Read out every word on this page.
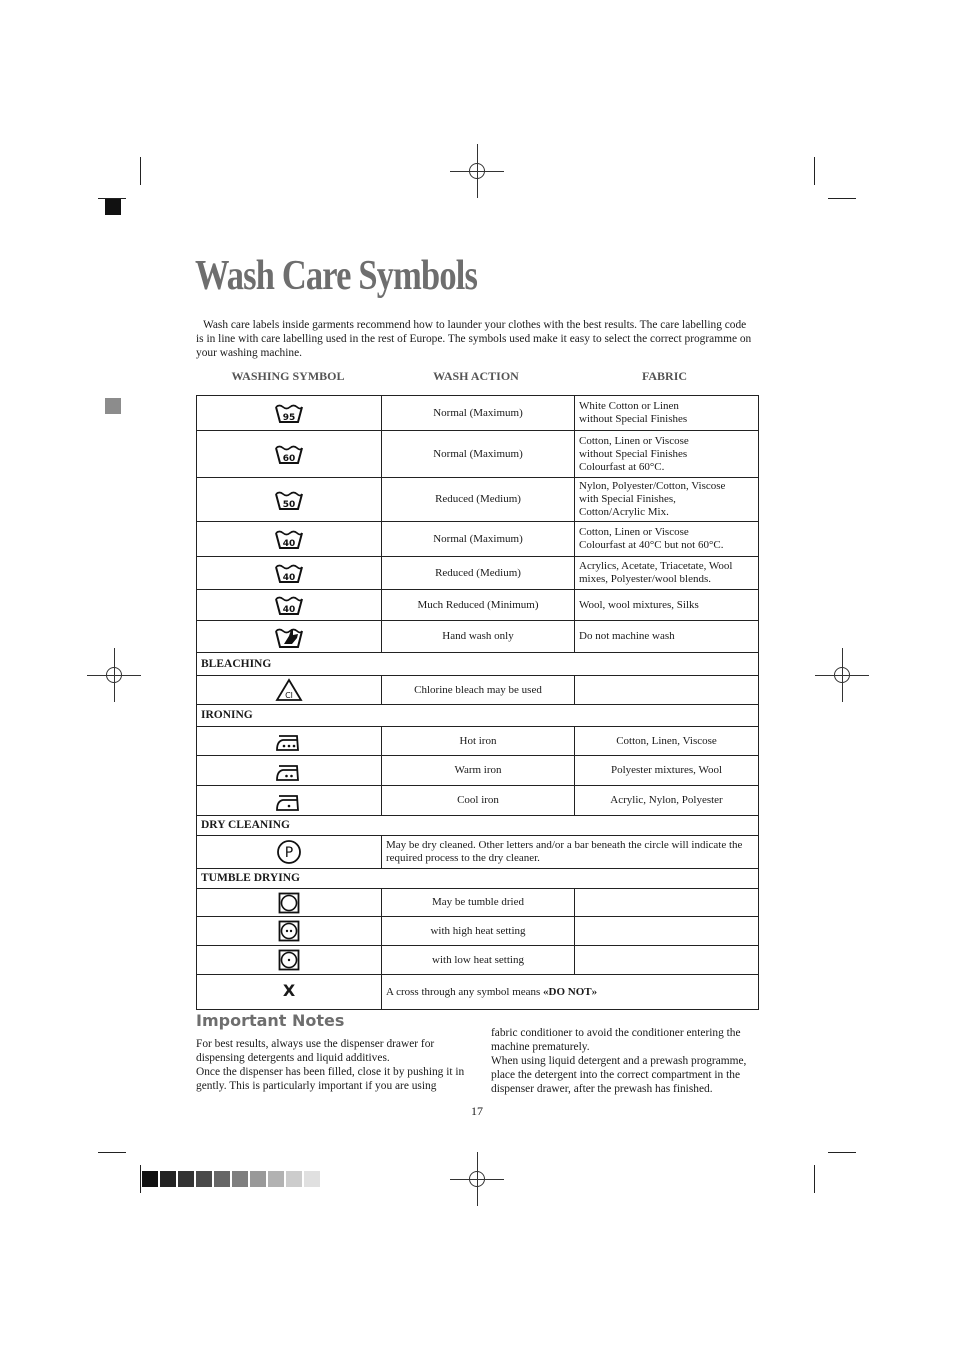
Wash Care Symbols
Wash care labels inside garments recommend how to launder your clothes with the best results. The care labelling code is in line with care labelling used in the rest of Europe. The symbols used make it easy to select the correct programme on your washing machine.
WASHING SYMBOL	WASH ACTION	FABRIC
95	Normal (Maximum)	White Cotton or Linen
without Special Finishes

60	Normal (Maximum)	Cotton, Linen or Viscose
without Special Finishes
Colourfast at 60°C.

50	Reduced (Medium)	Nylon, Polyester/Cotton, Viscose
with Special Finishes,
Cotton/Acrylic Mix.

40	Normal (Maximum)	Cotton, Linen or Viscose
Colourfast at 40°C but not 60°C.

40	Reduced (Medium)	Acrylics, Acetate, Triacetate, Wool
mixes, Polyester/wool blends.

40	Much Reduced (Minimum)	Wool, wool mixtures, Silks
	Hand wash only	Do not machine wash
BLEACHING		

Cl	Chlorine bleach may be used	
IRONING		
	Hot iron	Cotton, Linen, Viscose
	Warm iron	Polyester mixtures, Wool
	Cool iron	Acrylic, Nylon, Polyester
DRY CLEANING		

P	May be dry cleaned. Other letters and/or a bar beneath the circle will indicate the required process to the dry cleaner.	
TUMBLE DRYING		
	May be tumble dried	
	with high heat setting	
	with low heat setting	
X	A cross through any symbol means «DO NOT»	
Important Notes

For best results, always use the dispenser drawer for dispensing detergents and liquid additives.

Once the dispenser has been filled, close it by pushing it in gently. This is particularly important if you are using

fabric conditioner to avoid the conditioner entering the machine prematurely.

When using liquid detergent and a prewash programme, place the detergent into the correct compartment in the dispenser drawer, after the prewash has finished.

17
